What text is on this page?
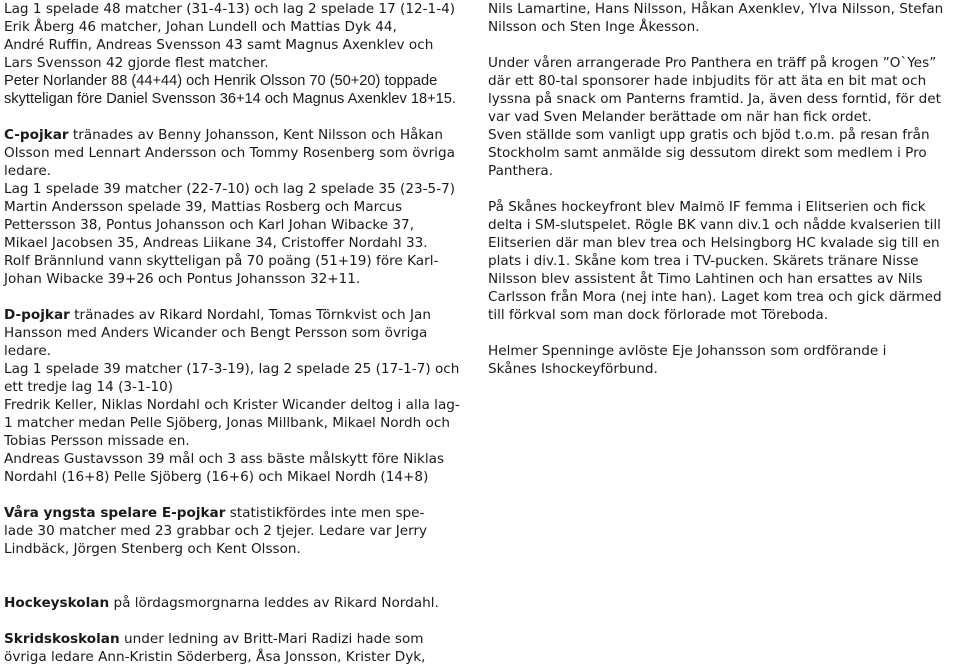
Lag 1 spelade 48 matcher (31-4-13) och lag 2 spelade 17 (12-1-4)
Erik Åberg 46 matcher, Johan Lundell och Mattias Dyk 44,
André Ruffin, Andreas Svensson 43 samt Magnus Axenklev och
Lars Svensson 42 gjorde flest matcher.
Peter Norlander 88 (44+44) och Henrik Olsson 70 (50+20) toppade
skytteligan före Daniel Svensson 36+14 och Magnus Axenklev 18+15.
C-pojkar tränades av Benny Johansson, Kent Nilsson och Håkan
Olsson med Lennart Andersson och Tommy Rosenberg som övriga
ledare.
Lag 1 spelade 39 matcher (22-7-10) och lag 2 spelade 35 (23-5-7)
Martin Andersson spelade 39, Mattias Rosberg och Marcus
Pettersson 38, Pontus Johansson och Karl Johan Wibacke 37,
Mikael Jacobsen 35, Andreas Liikane 34, Cristoffer Nordahl 33.
Rolf Brännlund vann skytteligan på 70 poäng (51+19) före Karl-
Johan Wibacke 39+26 och Pontus Johansson 32+11.
D-pojkar tränades av Rikard Nordahl, Tomas Törnkvist och Jan
Hansson med Anders Wicander och Bengt Persson som övriga
ledare.
Lag 1 spelade 39 matcher (17-3-19), lag 2 spelade 25 (17-1-7) och
ett tredje lag 14 (3-1-10)
Fredrik Keller, Niklas Nordahl och Krister Wicander deltog i alla lag-
1 matcher medan Pelle Sjöberg, Jonas Millbank, Mikael Nordh och
Tobias Persson missade en.
Andreas Gustavsson 39 mål och 3 ass bäste målskytt före Niklas
Nordahl (16+8) Pelle Sjöberg (16+6) och Mikael Nordh (14+8)
Våra yngsta spelare E-pojkar statistikfördes inte men spe-
lade 30 matcher med 23 grabbar och 2 tjejer. Ledare var Jerry
Lindbäck, Jörgen Stenberg och Kent Olsson.
Hockeyskolan på lördagsmorgnarna leddes av Rikard Nordahl.
Skridskoskolan under ledning av Britt-Mari Radizi hade som
övriga ledare Ann-Kristin Söderberg, Åsa Jonsson, Krister Dyk,
Nils Lamartine, Hans Nilsson, Håkan Axenklev, Ylva Nilsson, Stefan
Nilsson och Sten Inge Åkesson.
Under våren arrangerade Pro Panthera en träff på krogen ”O`Yes”
där ett 80-tal sponsorer hade inbjudits för att äta en bit mat och
lyssna på snack om Panterns framtid. Ja, även dess forntid, för det
var vad Sven Melander berättade om när han fick ordet.
Sven ställde som vanligt upp gratis och bjöd t.o.m. på resan från
Stockholm samt anmälde sig dessutom direkt som medlem i Pro
Panthera.
På Skånes hockeyfront blev Malmö IF femma i Elitserien och fick
delta i SM-slutspelet. Rögle BK vann div.1 och nådde kvalserien till
Elitserien där man blev trea och Helsingborg HC kvalade sig till en
plats i div.1. Skåne kom trea i TV-pucken. Skärets tränare Nisse
Nilsson blev assistent åt Timo Lahtinen och han ersattes av Nils
Carlsson från Mora (nej inte han). Laget kom trea och gick därmed
till förkval som man dock förlorade mot Töreboda.
Helmer Spenninge avlöste Eje Johansson som ordförande i
Skånes Ishockeyförbund.
